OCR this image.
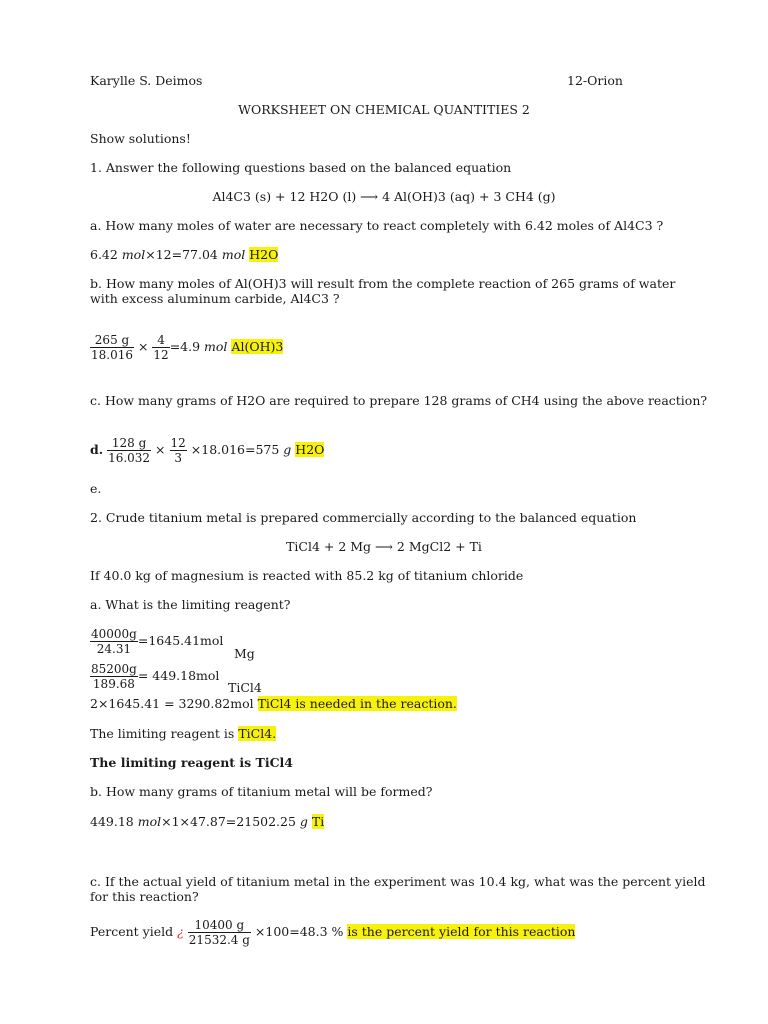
Karylle S. Deimos	12-Orion
WORKSHEET ON CHEMICAL QUANTITIES 2
Show solutions!
1. Answer the following questions based on the balanced equation
Al4C3 (s) + 12 H2O (l) ⟶ 4 Al(OH)3 (aq) + 3 CH4 (g)
a. How many moles of water are necessary to react completely with 6.42 moles of Al4C3 ?
6.42 mol×12=77.04 mol H2O
b. How many moles of Al(OH)3 will result from the complete reaction of 265 grams of water
with excess aluminum carbide, Al4C3 ?
$\frac{265 g}{18.016} \times \frac{4}{12} =4.9$ mol Al(OH)3
c. How many grams of H2O are required to prepare 128 grams of CH4 using the above reaction?
d. $\frac{128 g}{16.032} \times \frac{12}{3} \times 18.016=575$ g H2O
e.
2. Crude titanium metal is prepared commercially according to the balanced equation
TiCl4 + 2 Mg ⟶ 2 MgCl2 + Ti
If 40.0 kg of magnesium is reacted with 85.2 kg of titanium chloride
a. What is the limiting reagent?
$\frac{40000g}{24.31} =1645.41mol$
Mg
$\frac{85200g}{189.68} = 449.18mol$
TiCl4
2×1645.41 = 3290.82mol TiCl4 is needed in the reaction.
The limiting reagent is TiCl4.
The limiting reagent is TiCl4
b. How many grams of titanium metal will be formed?
449.18 mol×1×47.87=21502.25 g Ti
c. If the actual yield of titanium metal in the experiment was 10.4 kg, what was the percent yield
for this reaction?
Percent yield ¿ $\frac{10400 g}{21532.4 g} \times 100=48.3$ % is the percent yield for this reaction
